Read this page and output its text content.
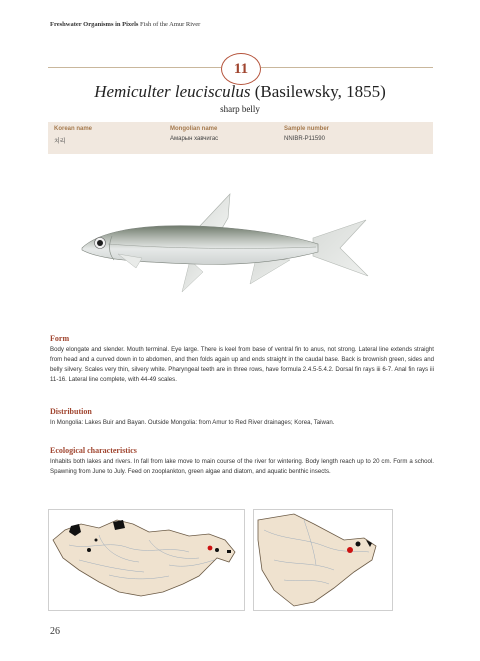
Freshwater Organisms in Pixels Fish of the Amur River
11
Hemiculter leucisculus (Basilewsky, 1855)
sharp belly
Korean name
치리
Mongolian name
Амарын хавчигас
Sample number
NNIBR-P11590
Form
Body elongate and slender. Mouth terminal. Eye large. There is keel from base of ventral fin to anus, not strong. Lateral line extends straight from head and a curved down in to abdomen, and then folds again up and ends straight in the caudal base. Back is brownish green, sides and belly silvery. Scales very thin, silvery white. Pharyngeal teeth are in three rows, have formula 2.4.5-5.4.2. Dorsal fin rays iii 6-7. Anal fin rays iii 11-16. Lateral line complete, with 44-49 scales.
Distribution
In Mongolia: Lakes Buir and Bayan. Outside Mongolia: from Amur to Red River drainages; Korea, Taiwan.
Ecological characteristics
Inhabits both lakes and rivers. In fall from lake move to main course of the river for wintering. Body length reach up to 20 cm. Form a school. Spawning from June to July. Feed on zooplankton, green algae and diatom, and aquatic benthic insects.
26
